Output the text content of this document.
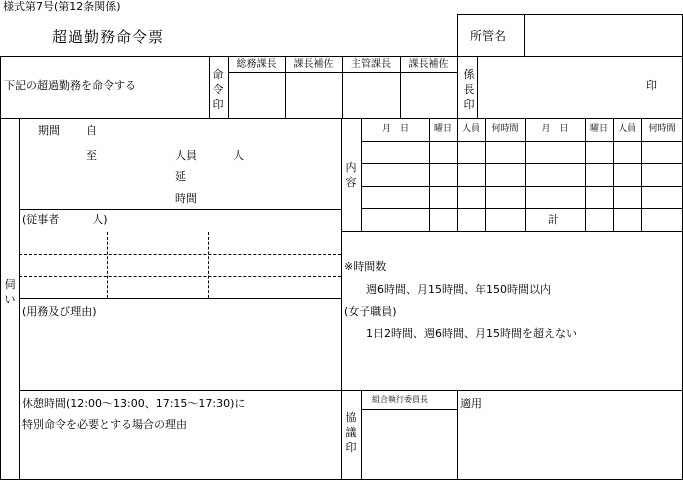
様式第7号(第12条関係)
超過勤務命令票	所管名
下記の超過勤務を命令する
命令印
総務課長	課長補佐	主管課長	課長補佐
係長印
印
伺い
期間 自
至	人員	人
延
時間
(従事者　　　人)
(用務及び理由)
休憩時間(12:00～13:00、17:15～17:30)に
特別命令を必要とする場合の理由
内容
月　日	曜日	人員	何時間	月　日	曜日	人員	何時間
計
※時間数
週6時間、月15時間、年150時間以内
(女子職員)
1日2時間、週6時間、月15時間を超えない
協議印
組合執行委員長	適用
